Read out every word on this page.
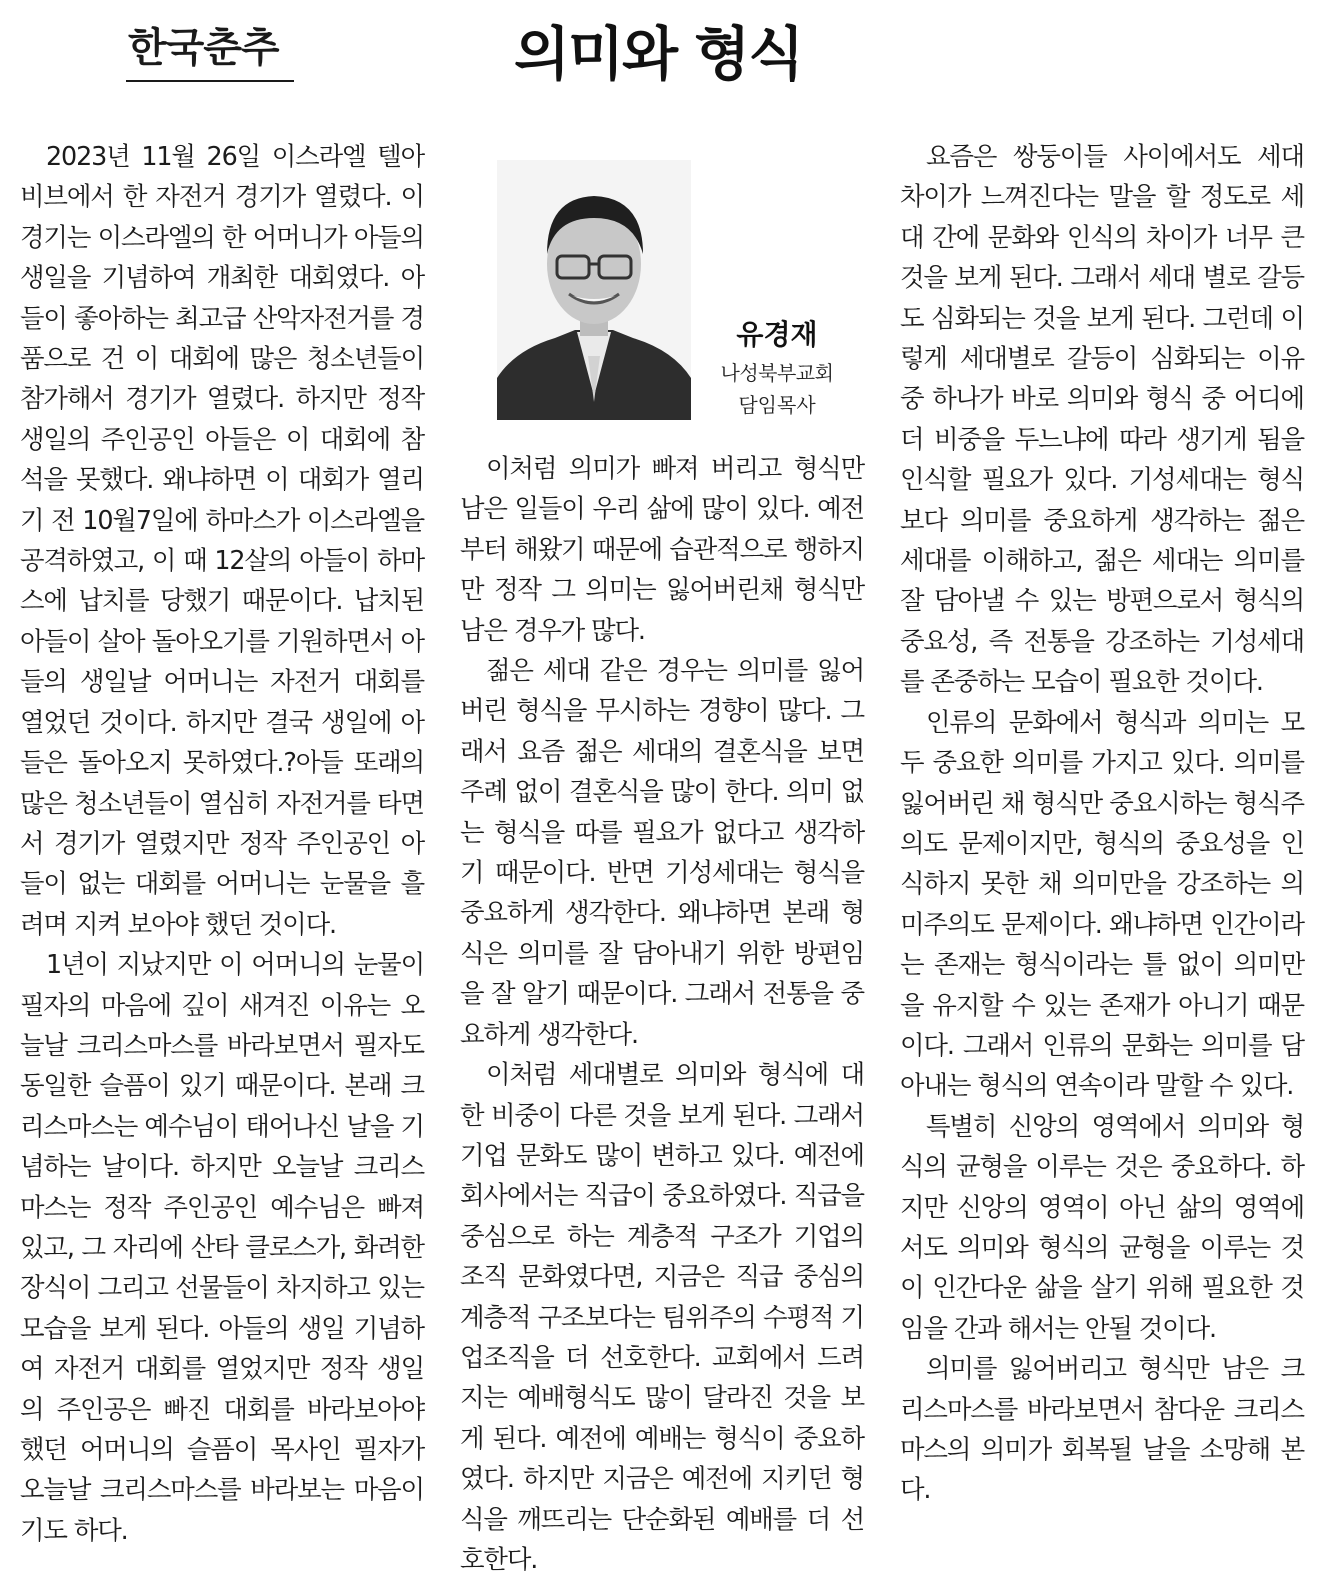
한국춘추	의미와 형식

2023년 11월 26일 이스라엘 텔아비브에서 한 자전거 경기가 열렸다. 이 경기는 이스라엘의 한 어머니가 아들의 생일을 기념하여 개최한 대회였다. 아들이 좋아하는 최고급 산악자전거를 경품으로 건 이 대회에 많은 청소년들이 참가해서 경기가 열렸다. 하지만 정작 생일의 주인공인 아들은 이 대회에 참석을 못했다. 왜냐하면 이 대회가 열리기 전 10월7일에 하마스가 이스라엘을 공격하였고, 이 때 12살의 아들이 하마스에 납치를 당했기 때문이다. 납치된 아들이 살아 돌아오기를 기원하면서 아들의 생일날 어머니는 자전거 대회를 열었던 것이다. 하지만 결국 생일에 아들은 돌아오지 못하였다.?아들 또래의 많은 청소년들이 열심히 자전거를 타면서 경기가 열렸지만 정작 주인공인 아들이 없는 대회를 어머니는 눈물을 흘려며 지켜 보아야 했던 것이다.

1년이 지났지만 이 어머니의 눈물이 필자의 마음에 깊이 새겨진 이유는 오늘날 크리스마스를 바라보면서 필자도 동일한 슬픔이 있기 때문이다. 본래 크리스마스는 예수님이 태어나신 날을 기념하는 날이다. 하지만 오늘날 크리스마스는 정작 주인공인 예수님은 빠져 있고, 그 자리에 산타 클로스가, 화려한 장식이 그리고 선물들이 차지하고 있는 모습을 보게 된다. 아들의 생일 기념하여 자전거 대회를 열었지만 정작 생일의 주인공은 빠진 대회를 바라보아야 했던 어머니의 슬픔이 목사인 필자가 오늘날 크리스마스를 바라보는 마음이기도 하다.

유경재
나성북부교회
담임목사

이처럼 의미가 빠져 버리고 형식만 남은 일들이 우리 삶에 많이 있다. 예전 부터 해왔기 때문에 습관적으로 행하지만 정작 그 의미는 잃어버린채 형식만 남은 경우가 많다.

젊은 세대 같은 경우는 의미를 잃어버린 형식을 무시하는 경향이 많다. 그래서 요즘 젊은 세대의 결혼식을 보면 주례 없이 결혼식을 많이 한다. 의미 없는 형식을 따를 필요가 없다고 생각하기 때문이다. 반면 기성세대는 형식을 중요하게 생각한다. 왜냐하면 본래 형식은 의미를 잘 담아내기 위한 방편임을 잘 알기 때문이다. 그래서 전통을 중요하게 생각한다.

이처럼 세대별로 의미와 형식에 대한 비중이 다른 것을 보게 된다. 그래서 기업 문화도 많이 변하고 있다. 예전에 회사에서는 직급이 중요하였다. 직급을 중심으로 하는 계층적 구조가 기업의 조직 문화였다면, 지금은 직급 중심의 계층적 구조보다는 팀위주의 수평적 기업조직을 더 선호한다. 교회에서 드려지는 예배형식도 많이 달라진 것을 보게 된다. 예전에 예배는 형식이 중요하였다. 하지만 지금은 예전에 지키던 형식을 깨뜨리는 단순화된 예배를 더 선호한다.

요즘은 쌍둥이들 사이에서도 세대 차이가 느껴진다는 말을 할 정도로 세대 간에 문화와 인식의 차이가 너무 큰 것을 보게 된다. 그래서 세대 별로 갈등도 심화되는 것을 보게 된다. 그런데 이렇게 세대별로 갈등이 심화되는 이유 중 하나가 바로 의미와 형식 중 어디에 더 비중을 두느냐에 따라 생기게 됨을 인식할 필요가 있다. 기성세대는 형식보다 의미를 중요하게 생각하는 젊은 세대를 이해하고, 젊은 세대는 의미를 잘 담아낼 수 있는 방편으로서 형식의 중요성, 즉 전통을 강조하는 기성세대를 존중하는 모습이 필요한 것이다.

인류의 문화에서 형식과 의미는 모두 중요한 의미를 가지고 있다. 의미를 잃어버린 채 형식만 중요시하는 형식주의도 문제이지만, 형식의 중요성을 인식하지 못한 채 의미만을 강조하는 의미주의도 문제이다. 왜냐하면 인간이라는 존재는 형식이라는 틀 없이 의미만을 유지할 수 있는 존재가 아니기 때문이다. 그래서 인류의 문화는 의미를 담아내는 형식의 연속이라 말할 수 있다.

특별히 신앙의 영역에서 의미와 형식의 균형을 이루는 것은 중요하다. 하지만 신앙의 영역이 아닌 삶의 영역에서도 의미와 형식의 균형을 이루는 것이 인간다운 삶을 살기 위해 필요한 것임을 간과 해서는 안될 것이다.

의미를 잃어버리고 형식만 남은 크리스마스를 바라보면서 참다운 크리스마스의 의미가 회복될 날을 소망해 본다.
